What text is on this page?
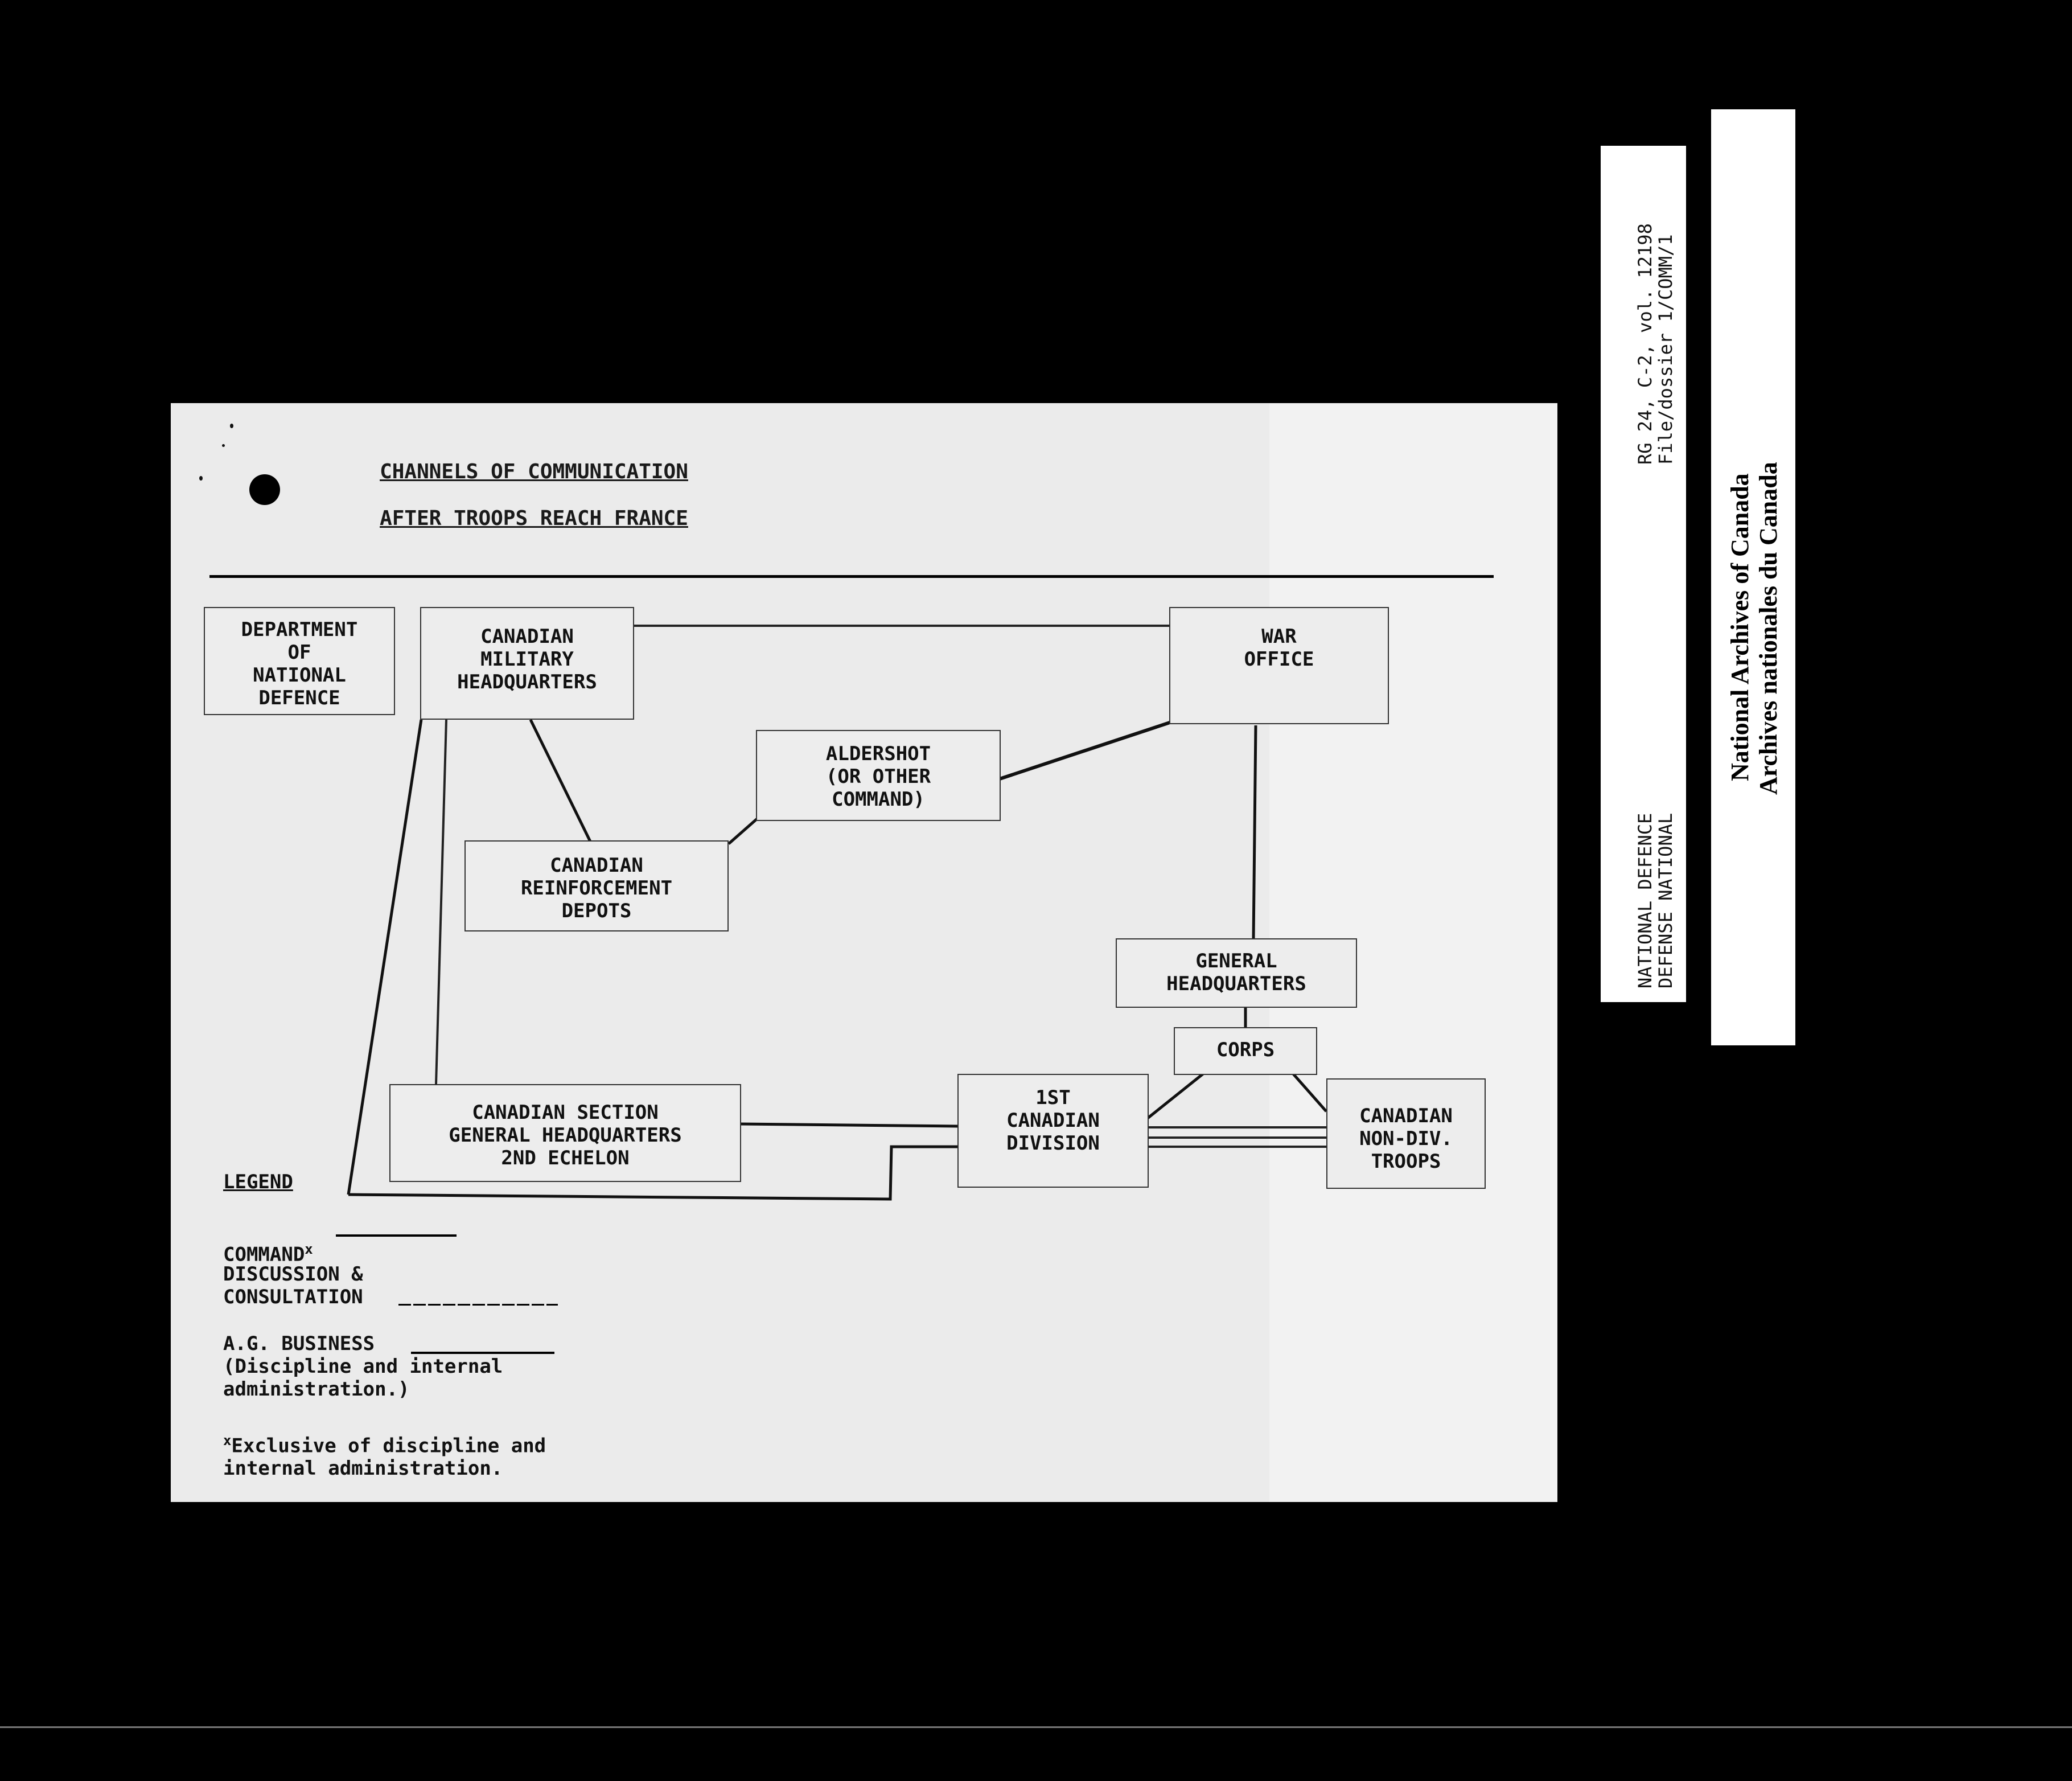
CHANNELS OF COMMUNICATION
AFTER TROOPS REACH FRANCE
DEPARTMENT
OF
NATIONAL
DEFENCE
CANADIAN
MILITARY
HEADQUARTERS
WAR
OFFICE
ALDERSHOT
(OR OTHER
COMMAND)
CANADIAN
REINFORCEMENT
DEPOTS
GENERAL
HEADQUARTERS
CORPS
CANADIAN SECTION
GENERAL HEADQUARTERS
2ND ECHELON
1ST
CANADIAN
DIVISION
CANADIAN
NON-DIV.
TROOPS
LEGEND

COMMAND$^x$

DISCUSSION &
CONSULTATION
A.G. BUSINESS
(Discipline and internal
administration.)

$^x$Exclusive of discipline and
internal administration.

RG 24, C-2, vol. 12198
File/dossier 1/COMM/1
NATIONAL DEFENCE
DEFENSE NATIONAL
National Archives of Canada Archives nationales du Canada
